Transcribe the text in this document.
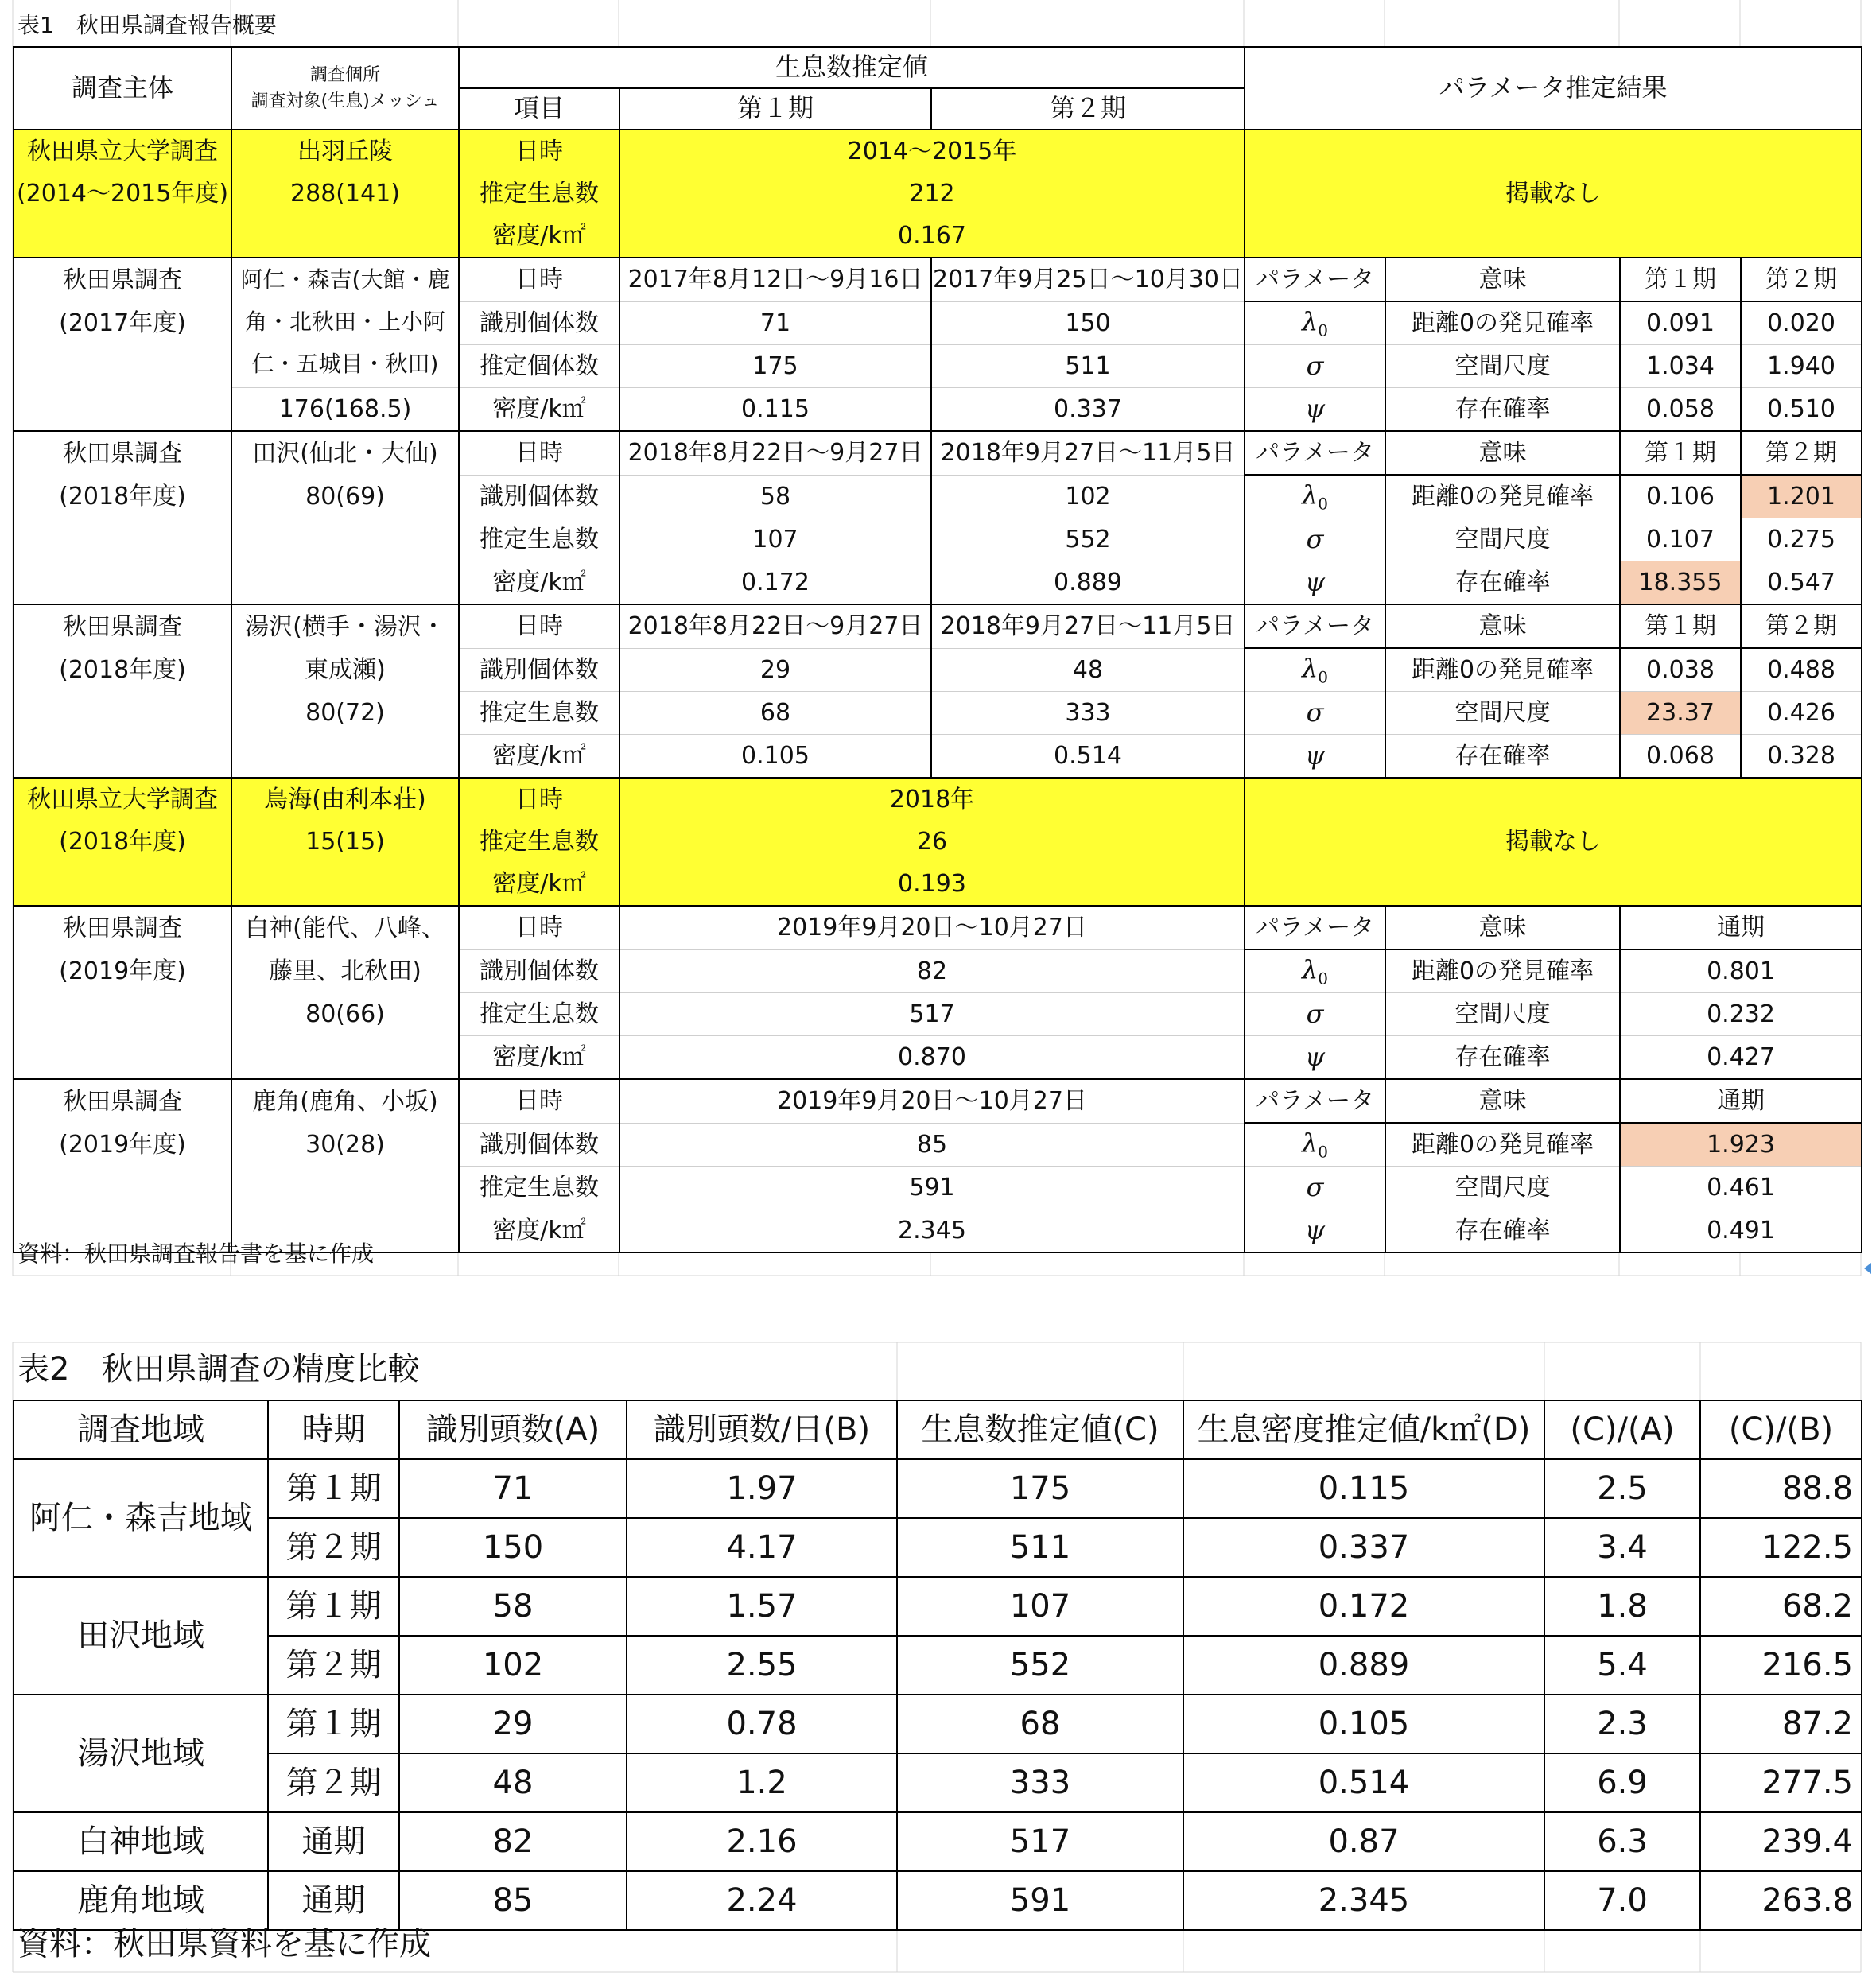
表1　秋田県調査報告概要
調査主体	調査個所
調査対象(生息)メッシュ	生息数推定値			パラメータ推定結果			
		項目	第１期	第２期				
秋田県立大学調査	出羽丘陵	日時	2014～2015年		掲載なし			
(2014～2015年度)	288(141)	推定生息数	212					
		密度/k㎡	0.167					
秋田県調査	阿仁・森吉(大館・鹿角・北秋田・上小阿仁・五城目・秋田)	日時	2017年8月12日～9月16日	2017年9月25日～10月30日	パラメータ	意味	第１期	第２期
(2017年度)		識別個体数	71	150	$\lambda_0$	距離0の発見確率	0.091	0.020
		推定個体数	175	511	σ	空間尺度	1.034	1.940
	176(168.5)	密度/k㎡	0.115	0.337	ψ	存在確率	0.058	0.510
秋田県調査	田沢(仙北・大仙)	日時	2018年8月22日～9月27日	2018年9月27日～11月5日	パラメータ	意味	第１期	第２期
(2018年度)	80(69)	識別個体数	58	102	$\lambda_0$	距離0の発見確率	0.106	1.201
		推定生息数	107	552	σ	空間尺度	0.107	0.275
		密度/k㎡	0.172	0.889	ψ	存在確率	18.355	0.547
秋田県調査	湯沢(横手・湯沢・	日時	2018年8月22日～9月27日	2018年9月27日～11月5日	パラメータ	意味	第１期	第２期
(2018年度)	東成瀬)	識別個体数	29	48	$\lambda_0$	距離0の発見確率	0.038	0.488
	80(72)	推定生息数	68	333	σ	空間尺度	23.37	0.426
		密度/k㎡	0.105	0.514	ψ	存在確率	0.068	0.328
秋田県立大学調査	鳥海(由利本荘)	日時	2018年		掲載なし			
(2018年度)	15(15)	推定生息数	26					
		密度/k㎡	0.193					
秋田県調査	白神(能代、八峰、	日時	2019年9月20日～10月27日		パラメータ	意味	通期	
(2019年度)	藤里、北秋田)	識別個体数	82		$\lambda_0$	距離0の発見確率	0.801	
	80(66)	推定生息数	517		σ	空間尺度	0.232	
		密度/k㎡	0.870		ψ	存在確率	0.427	
秋田県調査	鹿角(鹿角、小坂)	日時	2019年9月20日～10月27日		パラメータ	意味	通期	
(2019年度)	30(28)	識別個体数	85		$\lambda_0$	距離0の発見確率	1.923	
		推定生息数	591		σ	空間尺度	0.461	
		密度/k㎡	2.345		ψ	存在確率	0.491	
資料：秋田県調査報告書を基に作成
表2　秋田県調査の精度比較
調査地域	時期	識別頭数(A)	識別頭数/日(B)	生息数推定値(C)	生息密度推定値/k㎡(D)	(C)/(A)	(C)/(B)
阿仁・森吉地域	第１期	71	1.97	175	0.115	2.5	88.8
	第２期	150	4.17	511	0.337	3.4	122.5
田沢地域	第１期	58	1.57	107	0.172	1.8	68.2
	第２期	102	2.55	552	0.889	5.4	216.5
湯沢地域	第１期	29	0.78	68	0.105	2.3	87.2
	第２期	48	1.2	333	0.514	6.9	277.5
白神地域	通期	82	2.16	517	0.87	6.3	239.4
鹿角地域	通期	85	2.24	591	2.345	7.0	263.8
資料：秋田県資料を基に作成
